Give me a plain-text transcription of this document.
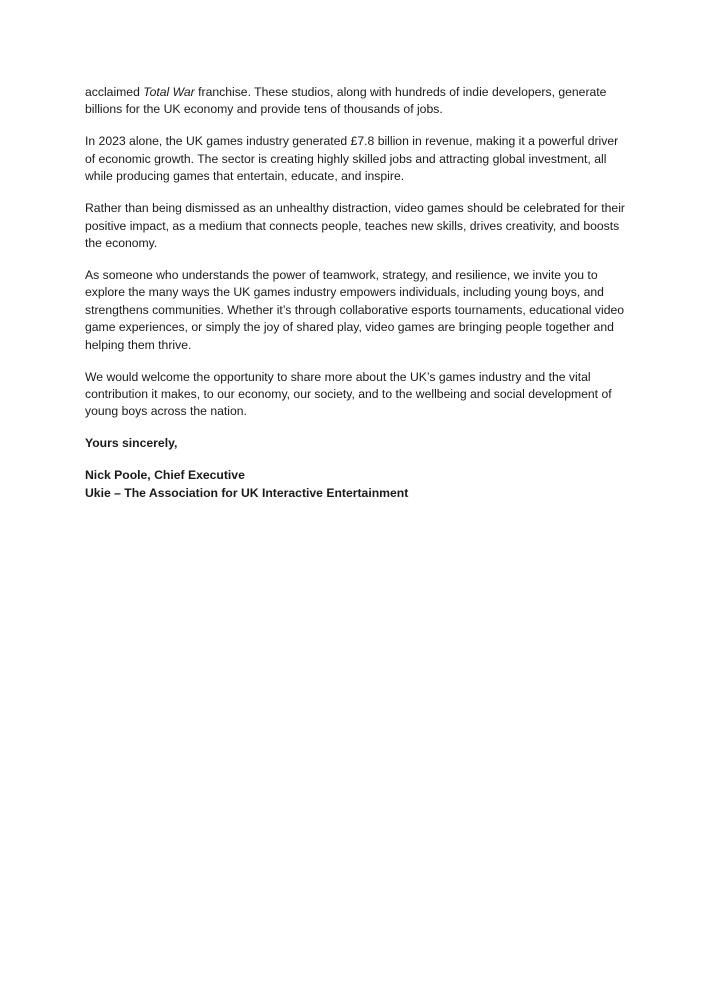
acclaimed Total War franchise. These studios, along with hundreds of indie developers, generate billions for the UK economy and provide tens of thousands of jobs.

In 2023 alone, the UK games industry generated £7.8 billion in revenue, making it a powerful driver of economic growth. The sector is creating highly skilled jobs and attracting global investment, all while producing games that entertain, educate, and inspire.

Rather than being dismissed as an unhealthy distraction, video games should be celebrated for their positive impact, as a medium that connects people, teaches new skills, drives creativity, and boosts the economy.

As someone who understands the power of teamwork, strategy, and resilience, we invite you to explore the many ways the UK games industry empowers individuals, including young boys, and strengthens communities. Whether it’s through collaborative esports tournaments, educational video game experiences, or simply the joy of shared play, video games are bringing people together and helping them thrive.

We would welcome the opportunity to share more about the UK’s games industry and the vital contribution it makes, to our economy, our society, and to the wellbeing and social development of young boys across the nation.

Yours sincerely,

Nick Poole, Chief Executive
Ukie – The Association for UK Interactive Entertainment
